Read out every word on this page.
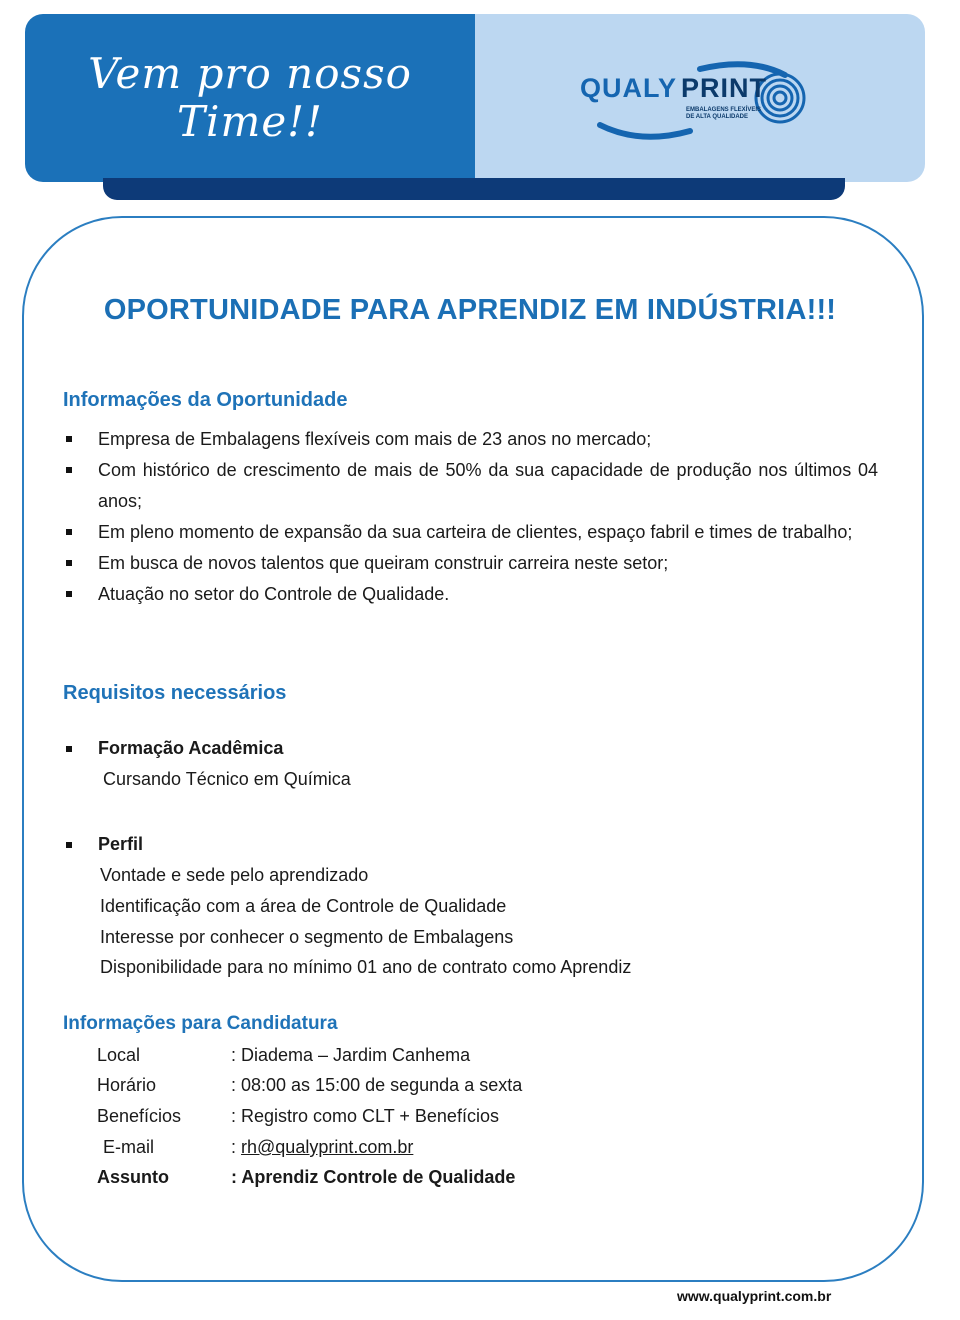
Vem pro nosso
Time!!
QUALY PRINT
EMBALAGENS FLEXÍVEIS
DE ALTA QUALIDADE
OPORTUNIDADE PARA APRENDIZ EM INDÚSTRIA!!!
Informações da Oportunidade
Empresa de Embalagens flexíveis com mais de 23 anos no mercado;
Com histórico de crescimento de mais de 50% da sua capacidade de produção nos últimos 04 anos;
Em pleno momento de expansão da sua carteira de clientes, espaço fabril e times de trabalho;
Em busca de novos talentos que queiram construir carreira neste setor;
Atuação no setor do Controle de Qualidade.
Requisitos necessários
Formação Acadêmica
Cursando Técnico em Química
Perfil
Vontade e sede pelo aprendizado
Identificação com a área de Controle de Qualidade
Interesse por conhecer o segmento de Embalagens
Disponibilidade para no mínimo 01 ano de contrato como Aprendiz
Informações para Candidatura
Local	: Diadema – Jardim Canhema
Horário	: 08:00 as 15:00 de segunda a sexta
Benefícios	: Registro como CLT + Benefícios
E-mail	: rh@qualyprint.com.br
Assunto	: Aprendiz Controle de Qualidade
www.qualyprint.com.br
